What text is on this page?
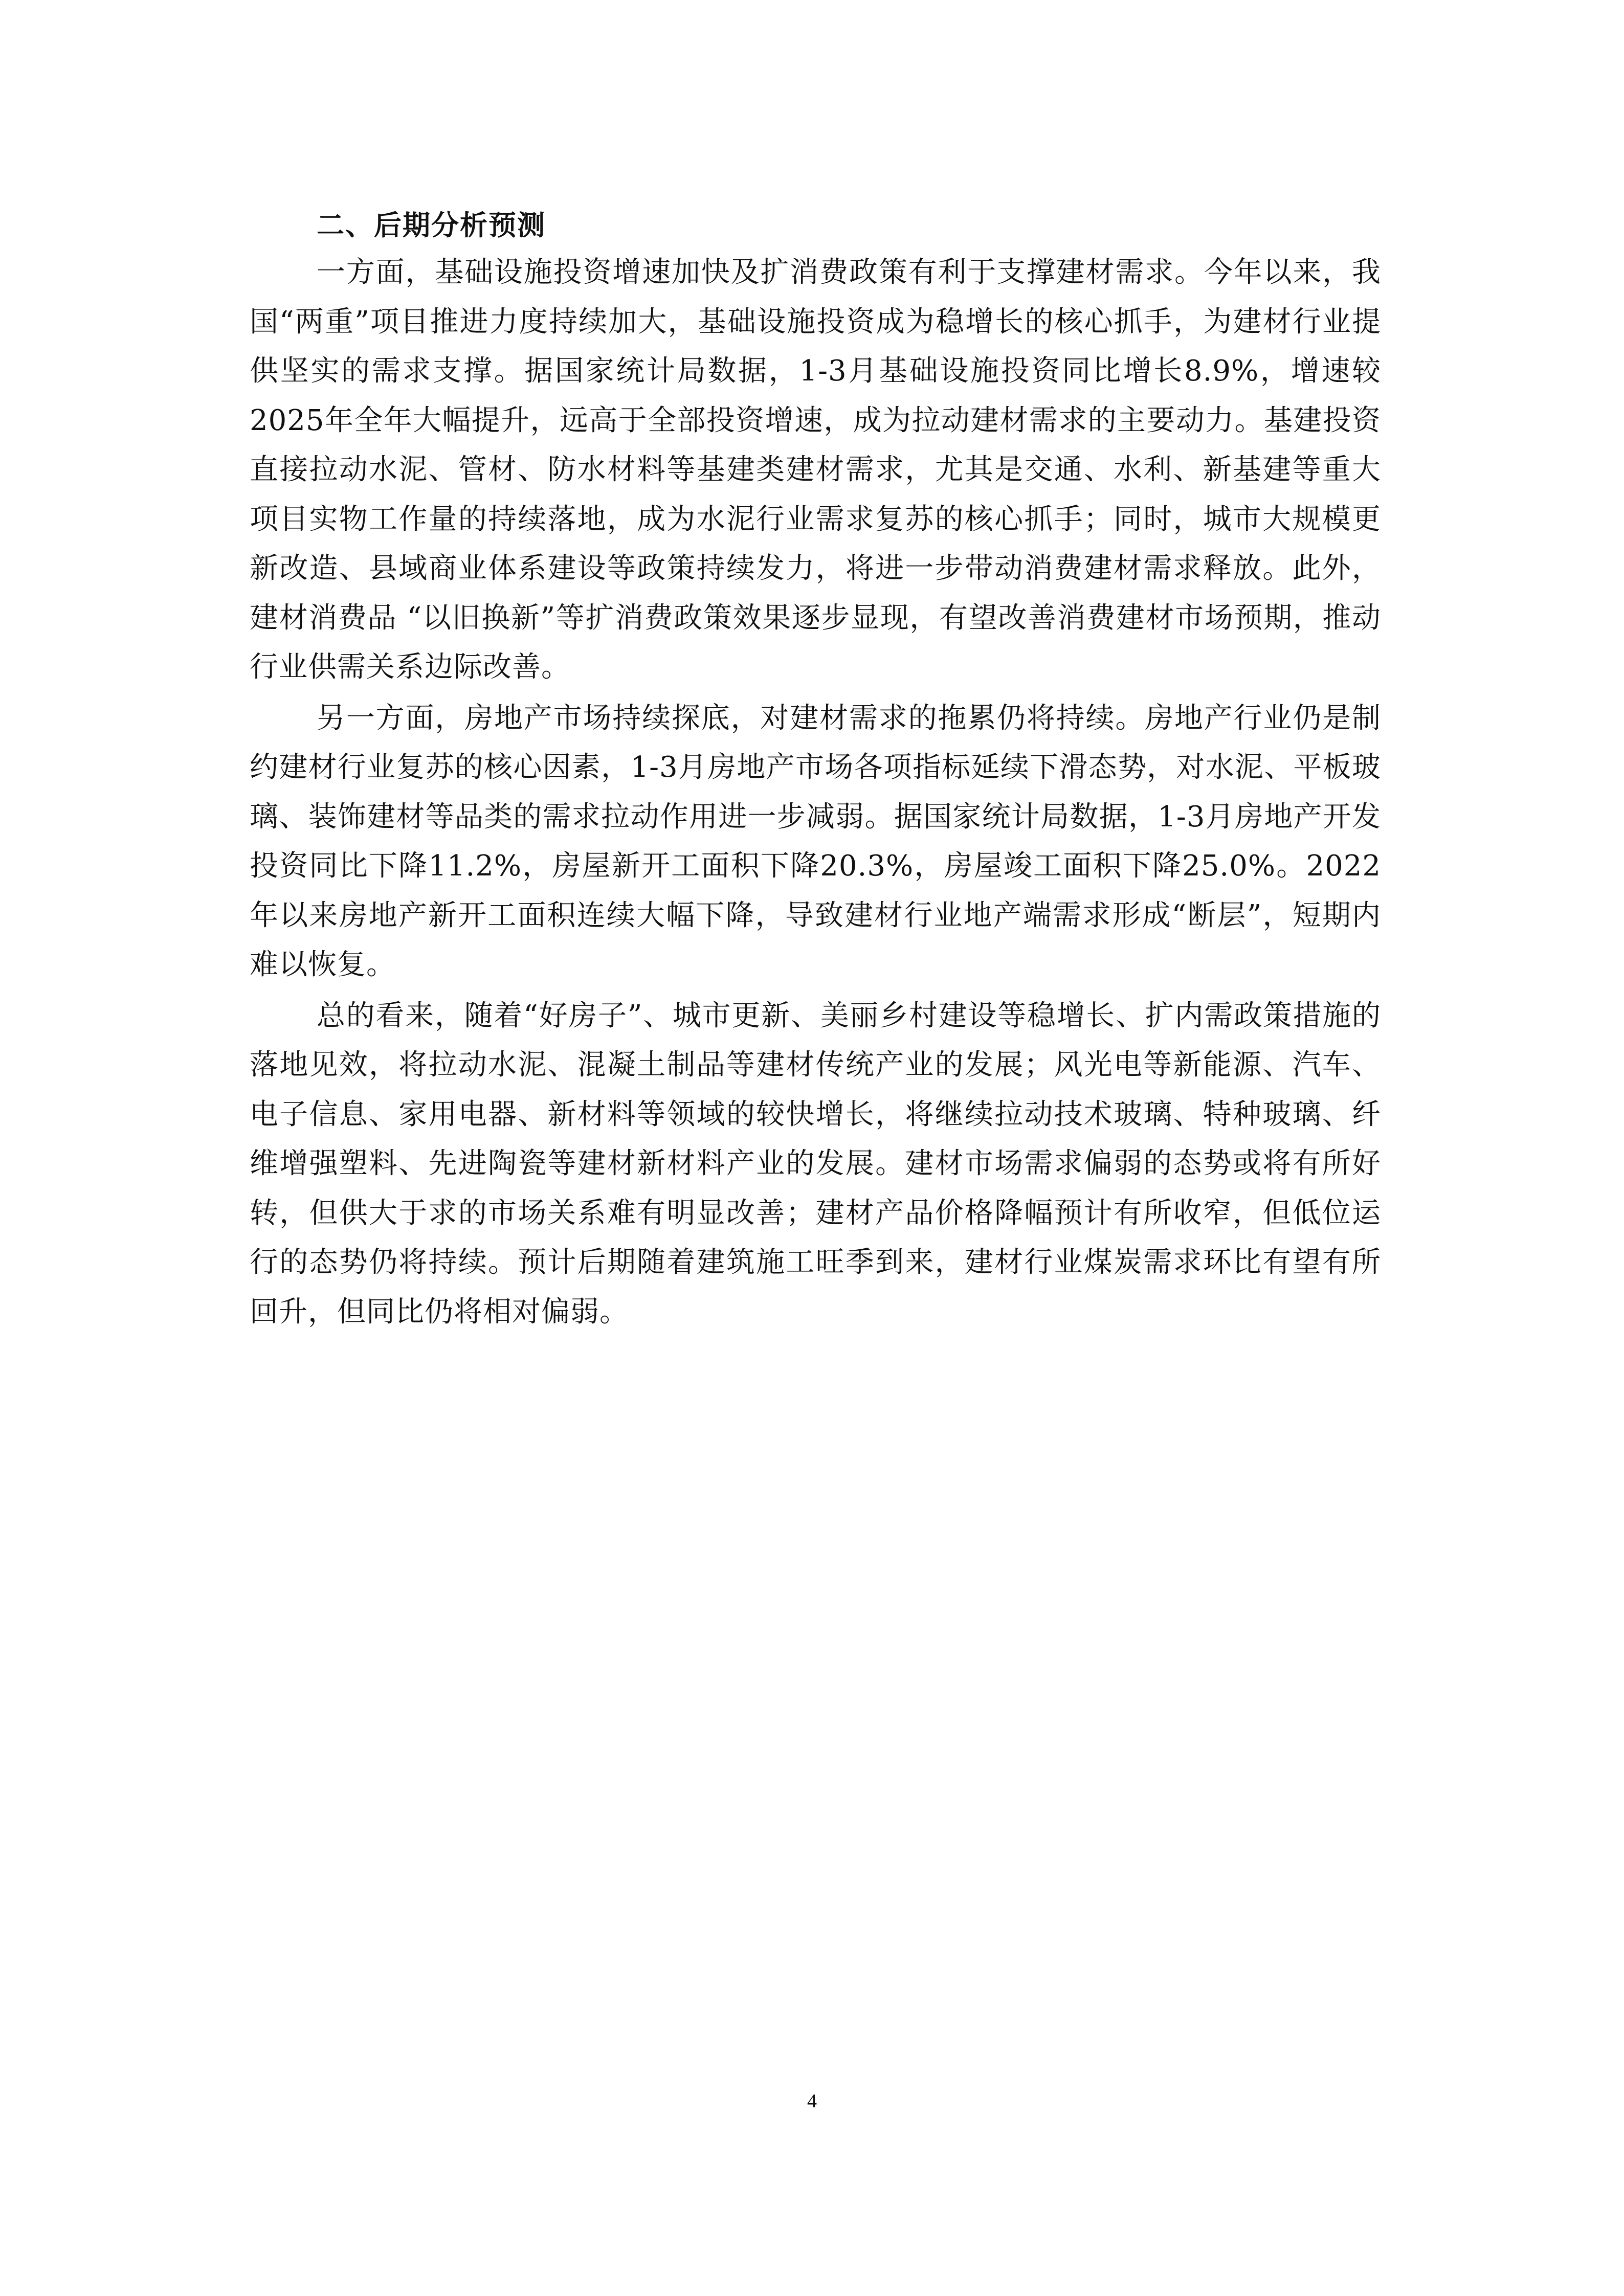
二、后期分析预测

一方面，基础设施投资增速加快及扩消费政策有利于支撑建材需求。今年以来，我国“两重”项目推进力度持续加大，基础设施投资成为稳增长的核心抓手，为建材行业提供坚实的需求支撑。据国家统计局数据，1-3月基础设施投资同比增长8.9%，增速较2025年全年大幅提升，远高于全部投资增速，成为拉动建材需求的主要动力。基建投资直接拉动水泥、管材、防水材料等基建类建材需求，尤其是交通、水利、新基建等重大项目实物工作量的持续落地，成为水泥行业需求复苏的核心抓手；同时，城市大规模更新改造、县域商业体系建设等政策持续发力，将进一步带动消费建材需求释放。此外，建材消费品 “以旧换新”等扩消费政策效果逐步显现，有望改善消费建材市场预期，推动行业供需关系边际改善。

另一方面，房地产市场持续探底，对建材需求的拖累仍将持续。房地产行业仍是制约建材行业复苏的核心因素，1-3月房地产市场各项指标延续下滑态势，对水泥、平板玻璃、装饰建材等品类的需求拉动作用进一步减弱。据国家统计局数据，1-3月房地产开发投资同比下降11.2%，房屋新开工面积下降20.3%，房屋竣工面积下降25.0%。2022年以来房地产新开工面积连续大幅下降，导致建材行业地产端需求形成“断层”，短期内难以恢复。

总的看来，随着“好房子”、城市更新、美丽乡村建设等稳增长、扩内需政策措施的落地见效，将拉动水泥、混凝土制品等建材传统产业的发展；风光电等新能源、汽车、电子信息、家用电器、新材料等领域的较快增长，将继续拉动技术玻璃、特种玻璃、纤维增强塑料、先进陶瓷等建材新材料产业的发展。建材市场需求偏弱的态势或将有所好转，但供大于求的市场关系难有明显改善；建材产品价格降幅预计有所收窄，但低位运行的态势仍将持续。预计后期随着建筑施工旺季到来，建材行业煤炭需求环比有望有所回升，但同比仍将相对偏弱。

4
